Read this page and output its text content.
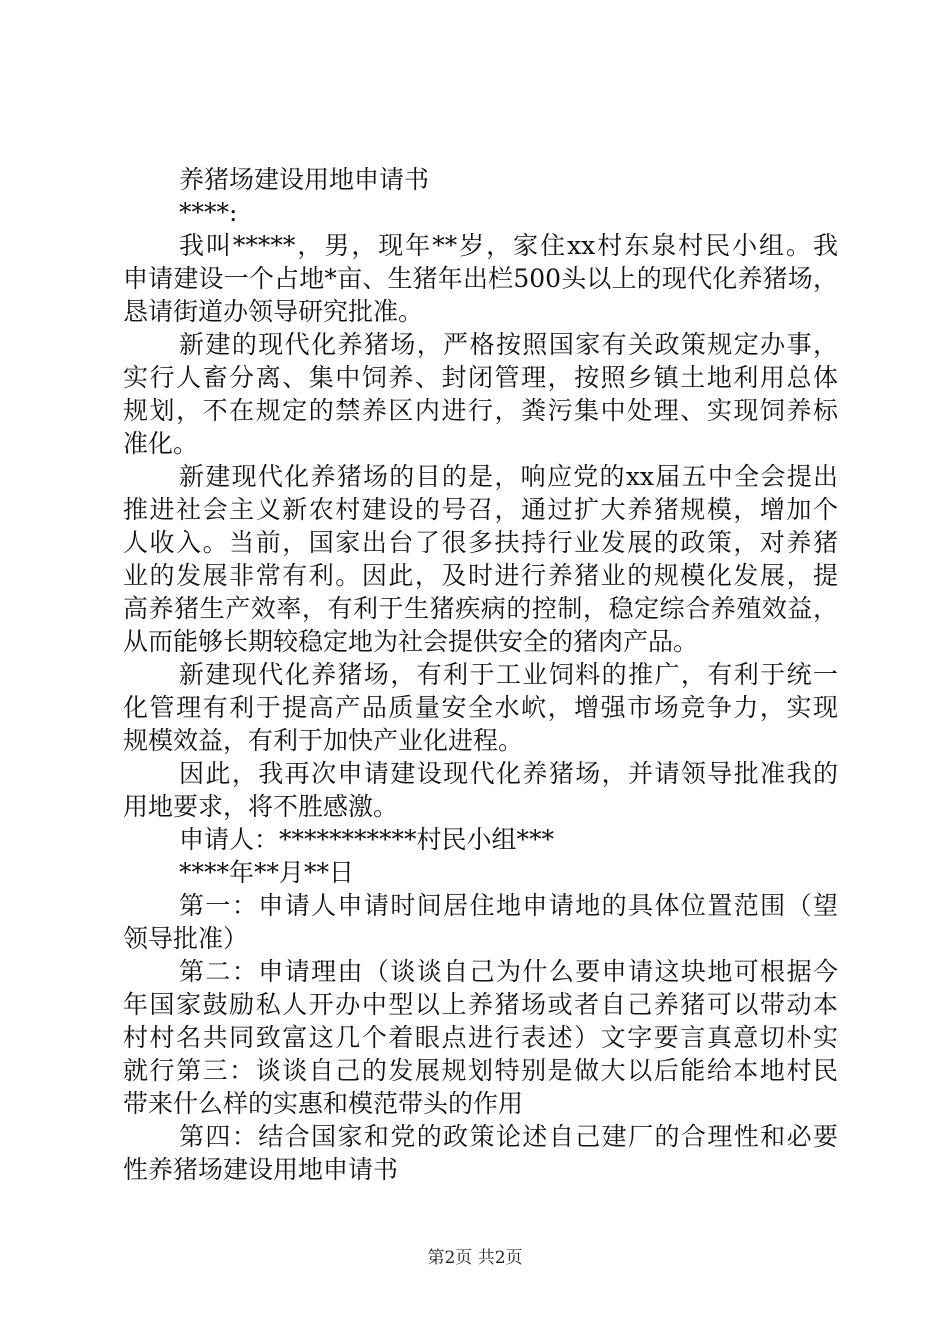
养猪场建设用地申请书
****:
我叫*****，男，现年**岁，家住xx村东泉村民小组。我
申请建设一个占地*亩、生猪年出栏500头以上的现代化养猪场，
恳请街道办领导研究批准。
新建的现代化养猪场，严格按照国家有关政策规定办事，
实行人畜分离、集中饲养、封闭管理，按照乡镇土地利用总体
规划，不在规定的禁养区内进行，粪污集中处理、实现饲养标
准化。
新建现代化养猪场的目的是，响应党的xx届五中全会提出
推进社会主义新农村建设的号召，通过扩大养猪规模，增加个
人收入。当前，国家出台了很多扶持行业发展的政策，对养猪
业的发展非常有利。因此，及时进行养猪业的规模化发展，提
高养猪生产效率，有利于生猪疾病的控制，稳定综合养殖效益，
从而能够长期较稳定地为社会提供安全的猪肉产品。
新建现代化养猪场，有利于工业饲料的推广，有利于统一
化管理有利于提高产品质量安全水岤，增强市场竞争力，实现
规模效益，有利于加快产业化进程。
因此，我再次申请建设现代化养猪场，并请领导批准我的
用地要求，将不胜感激。
申请人：***********村民小组***
****年**月**日
第一：申请人申请时间居住地申请地的具体位置范围（望
领导批准）
第二：申请理由（谈谈自己为什么要申请这块地可根据今
年国家鼓励私人开办中型以上养猪场或者自己养猪可以带动本
村村名共同致富这几个着眼点进行表述）文字要言真意切朴实
就行第三：谈谈自己的发展规划特别是做大以后能给本地村民
带来什么样的实惠和模范带头的作用
第四：结合国家和党的政策论述自己建厂的合理性和必要
性养猪场建设用地申请书
第2页 共2页
